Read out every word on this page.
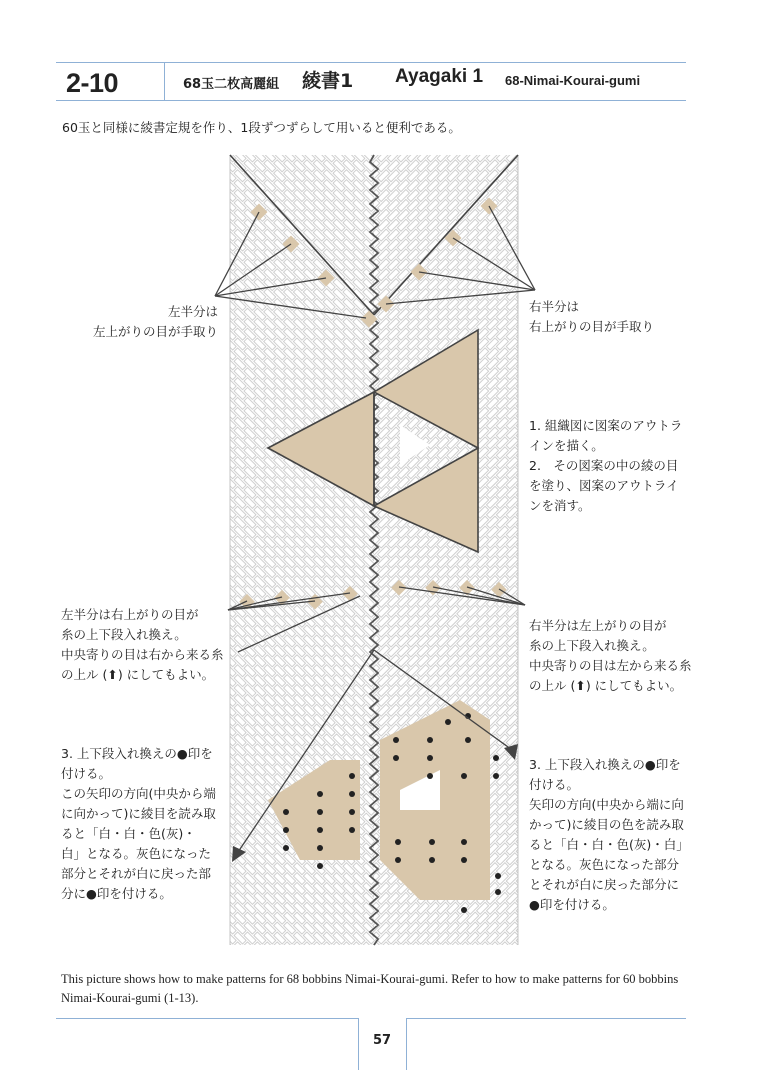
2-10	68玉二枚高麗組 綾書1 Ayagaki 1 68-Nimai-Kourai-gumi
60玉と同様に綾書定規を作り、1段ずつずらして用いると便利である。
左半分は
左上がりの目が手取り
右半分は
右上がりの目が手取り
1. 組織図に図案のアウトラ
インを描く。
2.　その図案の中の綾の目
を塗り、図案のアウトライ
ンを消す。
左半分は右上がりの目が
糸の上下段入れ換え。
中央寄りの目は右から来る糸
の上ル (⬆) にしてもよい。
右半分は左上がりの目が
糸の上下段入れ換え。
中央寄りの目は左から来る糸
の上ル (⬆) にしてもよい。
3. 上下段入れ換えの●印を
付ける。
この矢印の方向(中央から端
に向かって)に綾目を読み取
ると「白・白・色(灰)・
白」となる。灰色になった
部分とそれが白に戻った部
分に●印を付ける。
3. 上下段入れ換えの●印を
付ける。
矢印の方向(中央から端に向
かって)に綾目の色を読み取
ると「白・白・色(灰)・白」
となる。灰色になった部分
とそれが白に戻った部分に
●印を付ける。
This picture shows how to make patterns for 68 bobbins Nimai-Kourai-gumi. Refer to how to make patterns for 60 bobbins Nimai-Kourai-gumi (1-13).
57
